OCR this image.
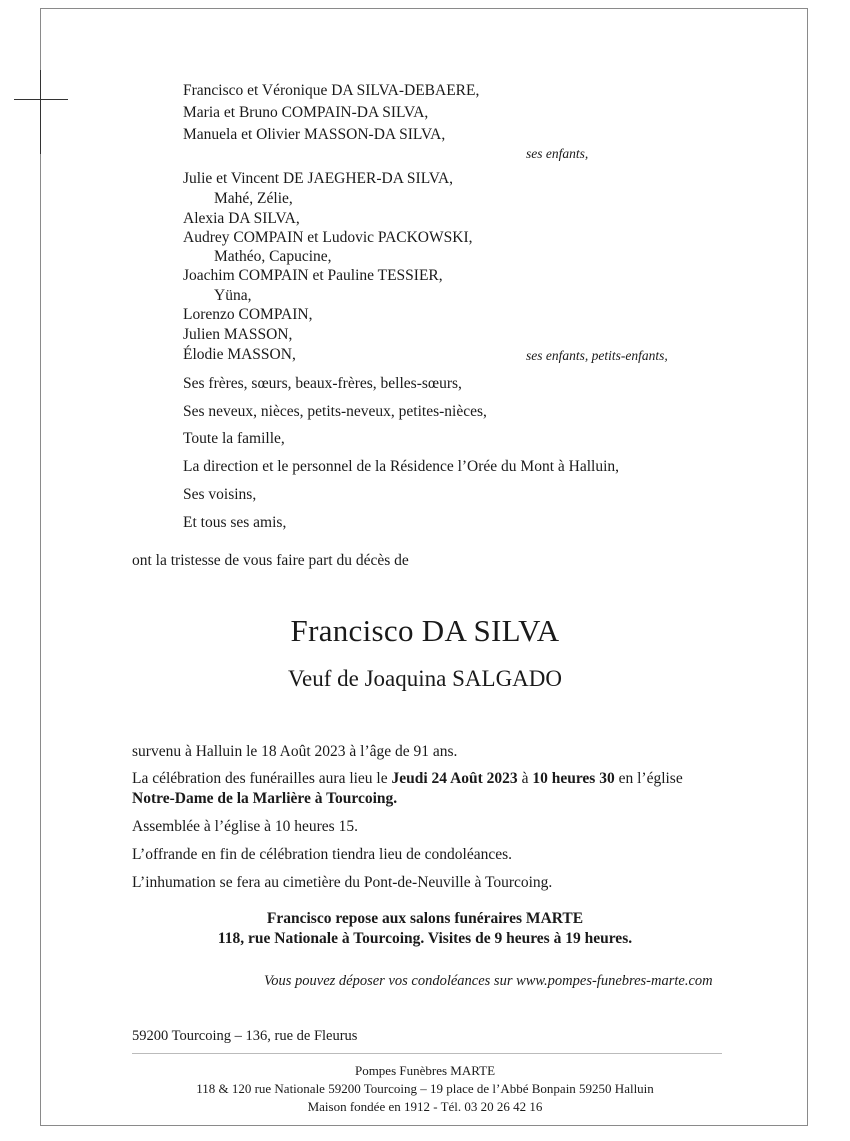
Francisco et Véronique DA SILVA-DEBAERE,
Maria et Bruno COMPAIN-DA SILVA,
Manuela et Olivier MASSON-DA SILVA,
ses enfants,
Julie et Vincent DE JAEGHER-DA SILVA,
Mahé, Zélie,
Alexia DA SILVA,
Audrey COMPAIN et Ludovic PACKOWSKI,
Mathéo, Capucine,
Joachim COMPAIN et Pauline TESSIER,
Yüna,
Lorenzo COMPAIN,
Julien MASSON,
Élodie MASSON,	ses enfants, petits-enfants,
Ses frères, sœurs, beaux-frères, belles-sœurs,
Ses neveux, nièces, petits-neveux, petites-nièces,
Toute la famille,
La direction et le personnel de la Résidence l’Orée du Mont à Halluin,
Ses voisins,
Et tous ses amis,
ont la tristesse de vous faire part du décès de
Francisco DA SILVA
Veuf de Joaquina SALGADO
survenu à Halluin le 18 Août 2023 à l’âge de 91 ans.
La célébration des funérailles aura lieu le Jeudi 24 Août 2023 à 10 heures 30 en l’église
Notre-Dame de la Marlière à Tourcoing.
Assemblée à l’église à 10 heures 15.
L’offrande en fin de célébration tiendra lieu de condoléances.
L’inhumation se fera au cimetière du Pont-de-Neuville à Tourcoing.
Francisco repose aux salons funéraires MARTE
118, rue Nationale à Tourcoing. Visites de 9 heures à 19 heures.
Vous pouvez déposer vos condoléances sur www.pompes-funebres-marte.com
59200 Tourcoing – 136, rue de Fleurus
Pompes Funèbres MARTE
118 & 120 rue Nationale 59200 Tourcoing – 19 place de l’Abbé Bonpain 59250 Halluin
Maison fondée en 1912 - Tél. 03 20 26 42 16
